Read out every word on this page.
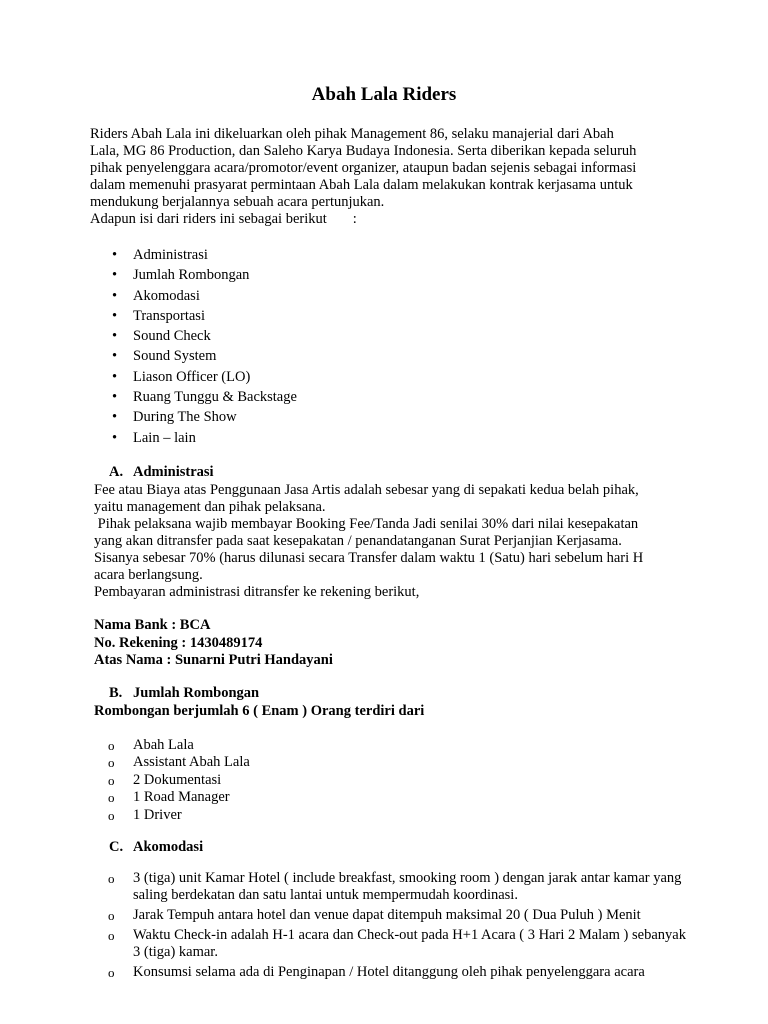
Abah Lala Riders

Riders Abah Lala ini dikeluarkan oleh pihak Management 86, selaku manajerial dari Abah

Lala, MG 86 Production, dan Saleho Karya Budaya Indonesia. Serta diberikan kepada seluruh

pihak penyelenggara acara/promotor/event organizer, ataupun badan sejenis sebagai informasi

dalam memenuhi prasyarat permintaan Abah Lala dalam melakukan kontrak kerjasama untuk

mendukung berjalannya sebuah acara pertunjukan.

Adapun isi dari riders ini sebagai berikut :

• Administrasi
• Jumlah Rombongan
• Akomodasi
• Transportasi
• Sound Check
• Sound System
• Liason Officer (LO)
• Ruang Tunggu & Backstage
• During The Show
• Lain – lain
A. Administrasi

Fee atau Biaya atas Penggunaan Jasa Artis adalah sebesar yang di sepakati kedua belah pihak,

yaitu management dan pihak pelaksana.

Pihak pelaksana wajib membayar Booking Fee/Tanda Jadi senilai 30% dari nilai kesepakatan

yang akan ditransfer pada saat kesepakatan / penandatanganan Surat Perjanjian Kerjasama.

Sisanya sebesar 70% (harus dilunasi secara Transfer dalam waktu 1 (Satu) hari sebelum hari H

acara berlangsung.

Pembayaran administrasi ditransfer ke rekening berikut,

Nama Bank : BCA
No. Rekening : 1430489174
Atas Nama : Sunarni Putri Handayani
B. Jumlah Rombongan
Rombongan berjumlah 6 ( Enam ) Orang terdiri dari
o Abah Lala
o Assistant Abah Lala
o 2 Dokumentasi
o 1 Road Manager
o 1 Driver
C. Akomodasi
o 3 (tiga) unit Kamar Hotel ( include breakfast, smooking room ) dengan jarak antar kamar yang saling berdekatan dan satu lantai untuk mempermudah koordinasi.
o Jarak Tempuh antara hotel dan venue dapat ditempuh maksimal 20 ( Dua Puluh ) Menit
o Waktu Check-in adalah H-1 acara dan Check-out pada H+1 Acara ( 3 Hari 2 Malam ) sebanyak 3 (tiga) kamar.
o Konsumsi selama ada di Penginapan / Hotel ditanggung oleh pihak penyelenggara acara
